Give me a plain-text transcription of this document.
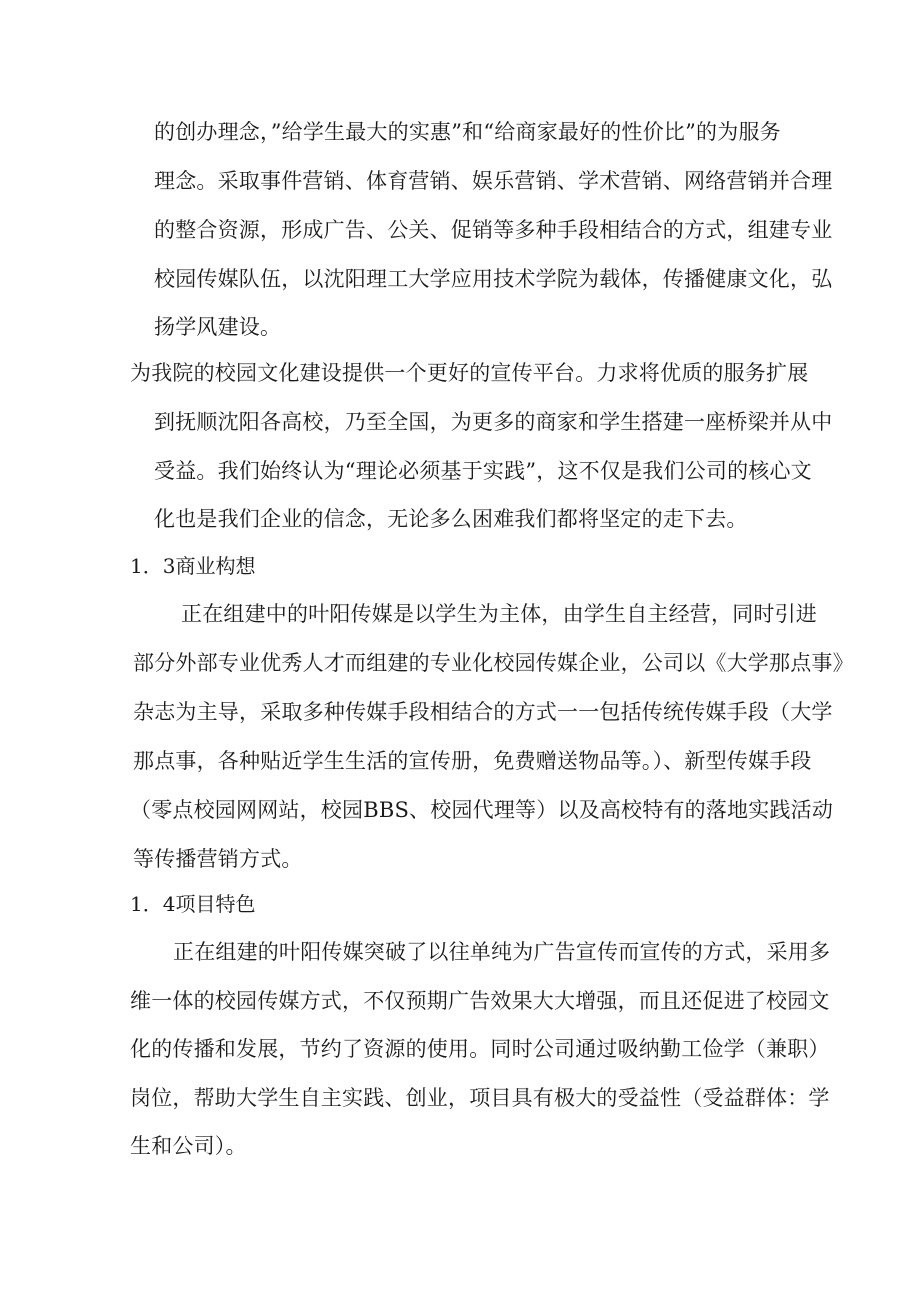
的创办理念，”给学生最大的实惠”和“给商家最好的性价比”的为服务
理念。采取事件营销、体育营销、娱乐营销、学术营销、网络营销并合理
的整合资源，形成广告、公关、促销等多种手段相结合的方式，组建专业
校园传媒队伍，以沈阳理工大学应用技术学院为载体，传播健康文化，弘
扬学风建设。
为我院的校园文化建设提供一个更好的宣传平台。力求将优质的服务扩展
到抚顺沈阳各高校，乃至全国，为更多的商家和学生搭建一座桥梁并从中
受益。我们始终认为“理论必须基于实践”，这不仅是我们公司的核心文
化也是我们企业的信念，无论多么困难我们都将坚定的走下去。
1．3商业构想
正在组建中的叶阳传媒是以学生为主体，由学生自主经营，同时引进
部分外部专业优秀人才而组建的专业化校园传媒企业，公司以《大学那点事》
杂志为主导，采取多种传媒手段相结合的方式一一包括传统传媒手段（大学
那点事，各种贴近学生生活的宣传册，免费赠送物品等。）、新型传媒手段
（零点校园网网站，校园BBS、校园代理等）以及高校特有的落地实践活动
等传播营销方式。
1．4项目特色
正在组建的叶阳传媒突破了以往单纯为广告宣传而宣传的方式，采用多
维一体的校园传媒方式，不仅预期广告效果大大增强，而且还促进了校园文
化的传播和发展，节约了资源的使用。同时公司通过吸纳勤工俭学（兼职）
岗位，帮助大学生自主实践、创业，项目具有极大的受益性（受益群体：学
生和公司）。
